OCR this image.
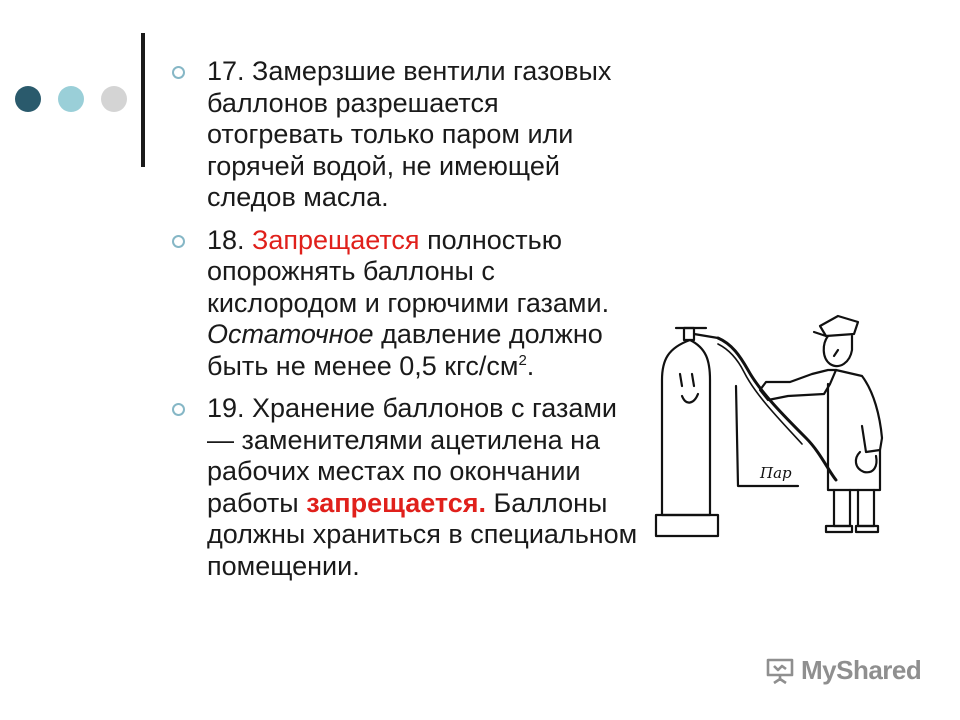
17. Замерзшие вентили газовых баллонов разрешается отогревать только паром или горячей водой, не имеющей следов масла.
18. Запрещается полностью опорожнять баллоны с кислородом и горючими газами. Остаточное давление должно быть не менее 0,5 кгс/$см^2$.
19. Хранение баллонов с газами — заменителями ацетилена на рабочих местах по окончании работы запрещается. Баллоны должны храниться в специальном помещении.
Пар
MyShared
